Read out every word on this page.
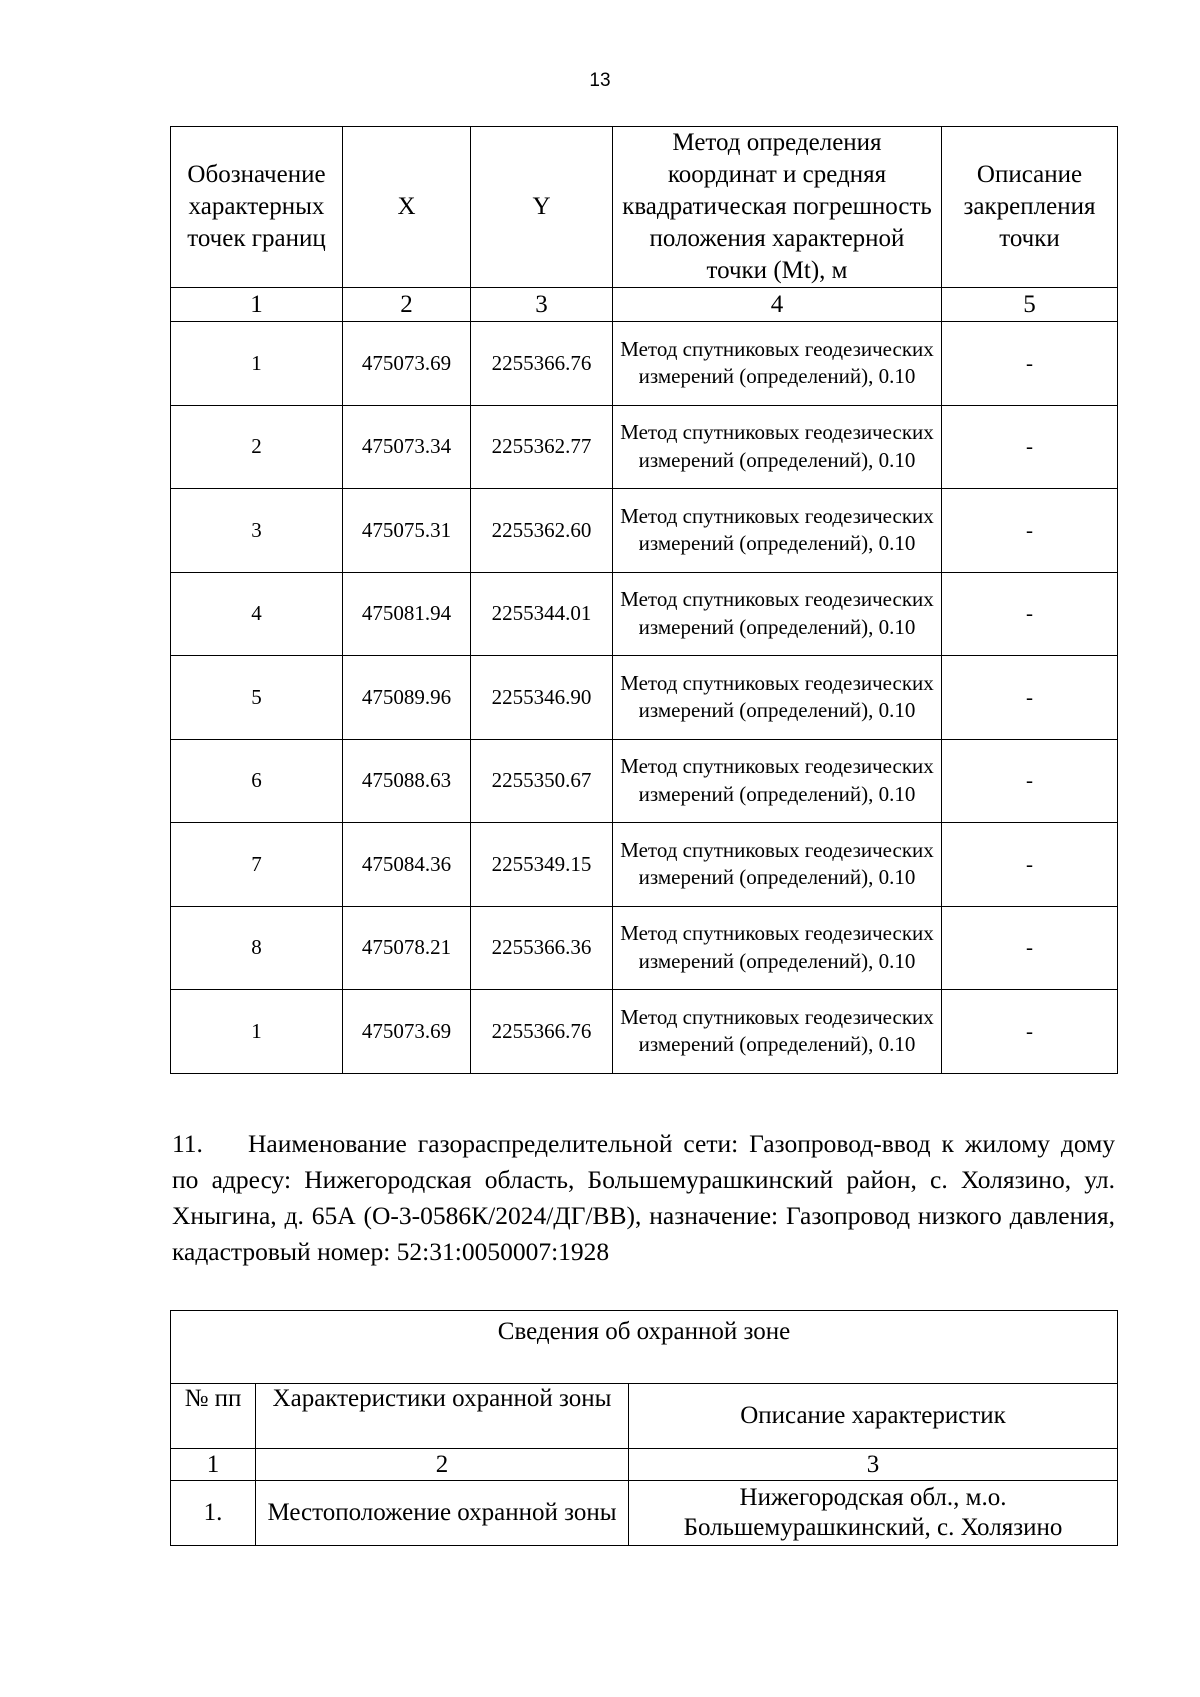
13
Обозначение характерных точек границ	X	Y	Метод определения координат и средняя квадратическая погрешность положения характерной точки (Mt), м	Описание закрепления точки
1	2	3	4	5
1	475073.69	2255366.76	Метод спутниковых геодезических измерений (определений), 0.10	-
2	475073.34	2255362.77	Метод спутниковых геодезических измерений (определений), 0.10	-
3	475075.31	2255362.60	Метод спутниковых геодезических измерений (определений), 0.10	-
4	475081.94	2255344.01	Метод спутниковых геодезических измерений (определений), 0.10	-
5	475089.96	2255346.90	Метод спутниковых геодезических измерений (определений), 0.10	-
6	475088.63	2255350.67	Метод спутниковых геодезических измерений (определений), 0.10	-
7	475084.36	2255349.15	Метод спутниковых геодезических измерений (определений), 0.10	-
8	475078.21	2255366.36	Метод спутниковых геодезических измерений (определений), 0.10	-
1	475073.69	2255366.76	Метод спутниковых геодезических измерений (определений), 0.10	-
11. Наименование газораспределительной сети: Газопровод-ввод к жилому дому по адресу: Нижегородская область, Большемурашкинский район, с. Холязино, ул. Хныгина, д. 65А (О-3-0586К/2024/ДГ/ВВ), назначение: Газопровод низкого давления, кадастровый номер: 52:31:0050007:1928
Сведения об охранной зоне		
№ пп	Характеристики охранной зоны	Описание характеристик
1	2	3
1.	Местоположение охранной зоны	Нижегородская обл., м.о. Большемурашкинский, с. Холязино
